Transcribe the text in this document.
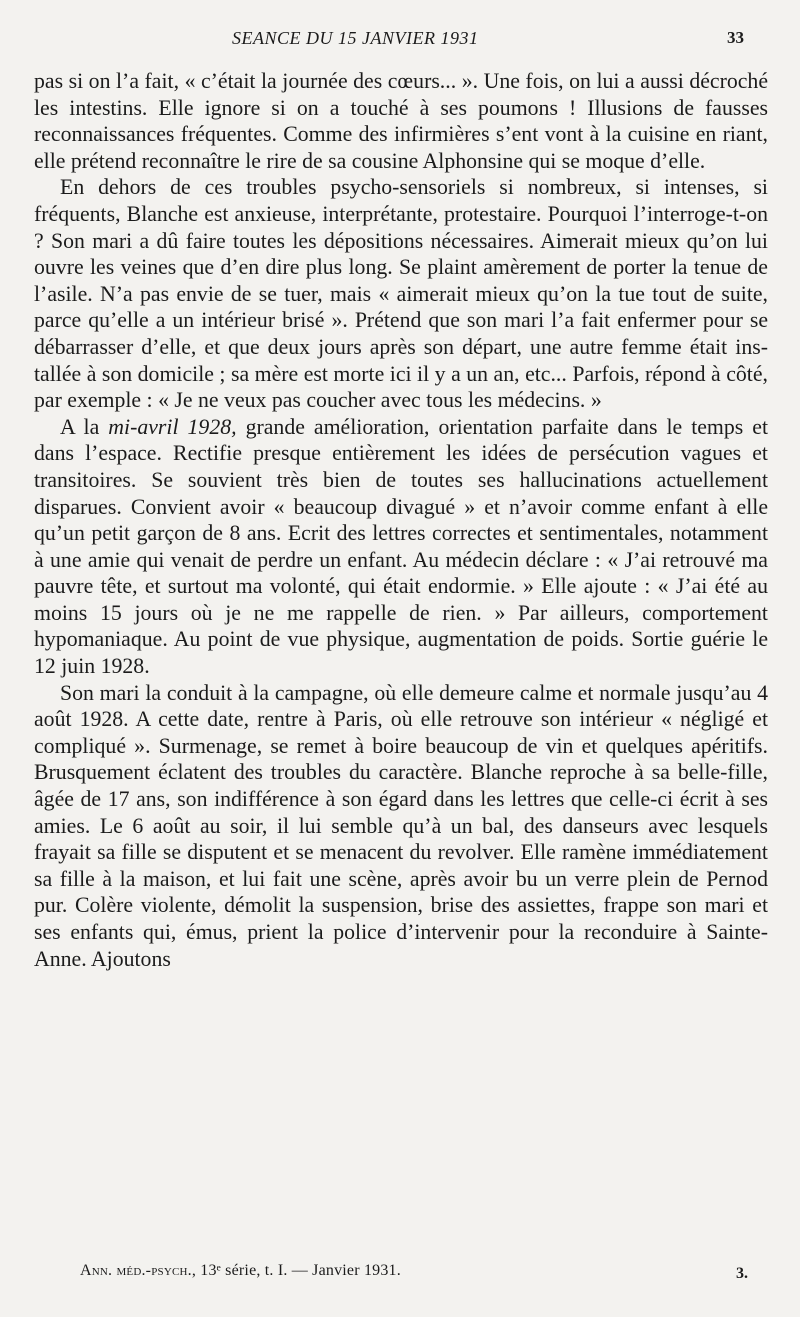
SEANCE DU 15 JANVIER 1931	33

pas si on l’a fait, « c’était la journée des cœurs... ». Une fois, on lui a aussi décroché les intestins. Elle ignore si on a touché à ses poumons ! Illusions de fausses reconnaissances fréquentes. Comme des infirmières s’ent vont à la cuisine en riant, elle prétend reconnaître le rire de sa cousine Alphonsine qui se moque d’elle.

En dehors de ces troubles psycho-sensoriels si nombreux, si intenses, si fréquents, Blanche est anxieuse, interprétante, protestaire. Pourquoi l’interroge-t-on ? Son mari a dû faire toutes les dépositions nécessaires. Aimerait mieux qu’on lui ouvre les veines que d’en dire plus long. Se plaint amèrement de porter la tenue de l’asile. N’a pas envie de se tuer, mais « aimerait mieux qu’on la tue tout de suite, parce qu’elle a un intérieur brisé ». Prétend que son mari l’a fait enfermer pour se débarrasser d’elle, et que deux jours après son départ, une autre femme était installée à son domicile ; sa mère est morte ici il y a un an, etc... Parfois, répond à côté, par exemple : « Je ne veux pas coucher avec tous les médecins. »

A la mi-avril 1928, grande amélioration, orientation parfaite dans le temps et dans l’espace. Rectifie presque entièrement les idées de persécution vagues et transitoires. Se souvient très bien de toutes ses hallucinations actuellement disparues. Convient avoir « beaucoup divagué » et n’avoir comme enfant à elle qu’un petit garçon de 8 ans. Ecrit des lettres correctes et sentimentales, notamment à une amie qui venait de perdre un enfant. Au médecin déclare : « J’ai retrouvé ma pauvre tête, et surtout ma volonté, qui était endormie. » Elle ajoute : « J’ai été au moins 15 jours où je ne me rappelle de rien. » Par ailleurs, comportement hypomaniaque. Au point de vue physique, augmentation de poids. Sortie guérie le 12 juin 1928.

Son mari la conduit à la campagne, où elle demeure calme et normale jusqu’au 4 août 1928. A cette date, rentre à Paris, où elle retrouve son intérieur « négligé et compliqué ». Surmenage, se remet à boire beaucoup de vin et quelques apéritifs. Brusquement éclatent des troubles du caractère. Blanche reproche à sa belle-fille, âgée de 17 ans, son indifférence à son égard dans les lettres que celle-ci écrit à ses amies. Le 6 août au soir, il lui semble qu’à un bal, des danseurs avec lesquels frayait sa fille se disputent et se menacent du revolver. Elle ramène immédiatement sa fille à la maison, et lui fait une scène, après avoir bu un verre plein de Pernod pur. Colère violente, démolit la suspension, brise des assiettes, frappe son mari et ses enfants qui, émus, prient la police d’intervenir pour la reconduire à Sainte-Anne. Ajoutons

Ann. méd.-psych., 13ᵉ série, t. I. — Janvier 1931.	3.
